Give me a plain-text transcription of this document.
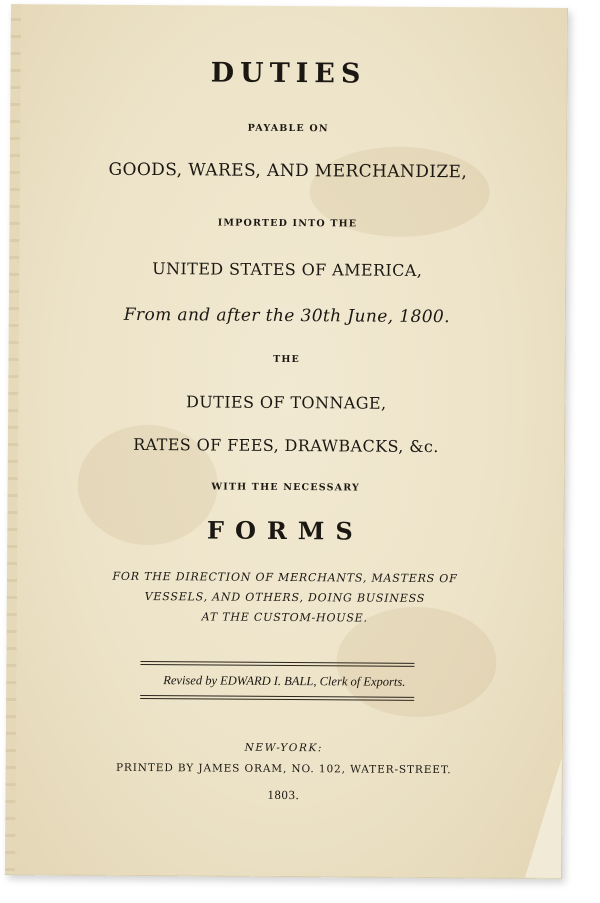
DUTIES

PAYABLE ON

GOODS, WARES, AND MERCHANDIZE,

IMPORTED INTO THE

UNITED STATES OF AMERICA,

From and after the 30th June, 1800.

THE

DUTIES OF TONNAGE,

RATES OF FEES, DRAWBACKS, &c.

WITH THE NECESSARY

FORMS

FOR THE DIRECTION OF MERCHANTS, MASTERS OF

VESSELS, AND OTHERS, DOING BUSINESS

AT THE CUSTOM-HOUSE.

Revised by EDWARD I. BALL, Clerk of Exports.

NEW-YORK:

PRINTED BY JAMES ORAM, NO. 102, WATER-STREET.

1803.
